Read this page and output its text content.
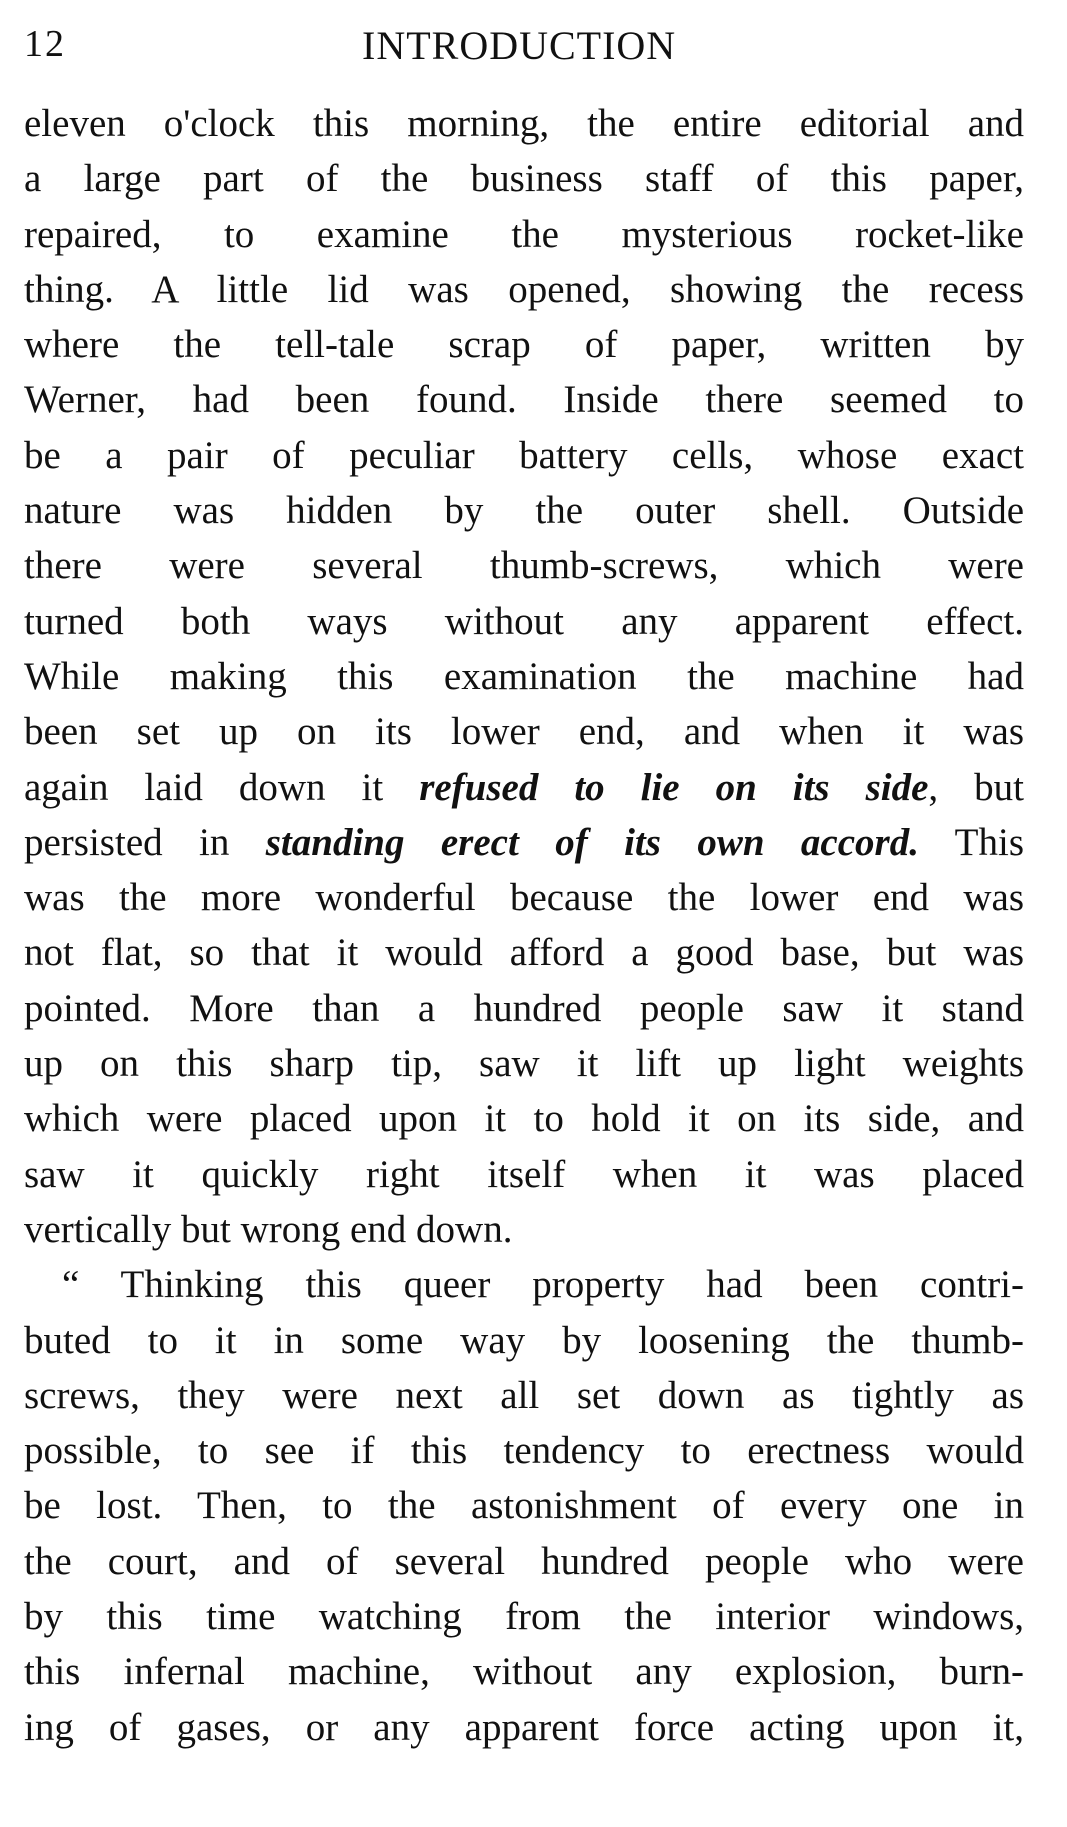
12	INTRODUCTION
eleven o'clock this morning, the entire editorial and
a large part of the business staff of this paper,
repaired, to examine the mysterious rocket-like
thing. A little lid was opened, showing the recess
where the tell-tale scrap of paper, written by
Werner, had been found. Inside there seemed to
be a pair of peculiar battery cells, whose exact
nature was hidden by the outer shell. Outside
there were several thumb-screws, which were
turned both ways without any apparent effect.
While making this examination the machine had
been set up on its lower end, and when it was
again laid down it refused to lie on its side, but
persisted in standing erect of its own accord. This
was the more wonderful because the lower end was
not flat, so that it would afford a good base, but was
pointed. More than a hundred people saw it stand
up on this sharp tip, saw it lift up light weights
which were placed upon it to hold it on its side, and
saw it quickly right itself when it was placed
vertically but wrong end down.
“ Thinking this queer property had been contri-
buted to it in some way by loosening the thumb-
screws, they were next all set down as tightly as
possible, to see if this tendency to erectness would
be lost. Then, to the astonishment of every one in
the court, and of several hundred people who were
by this time watching from the interior windows,
this infernal machine, without any explosion, burn-
ing of gases, or any apparent force acting upon it,
